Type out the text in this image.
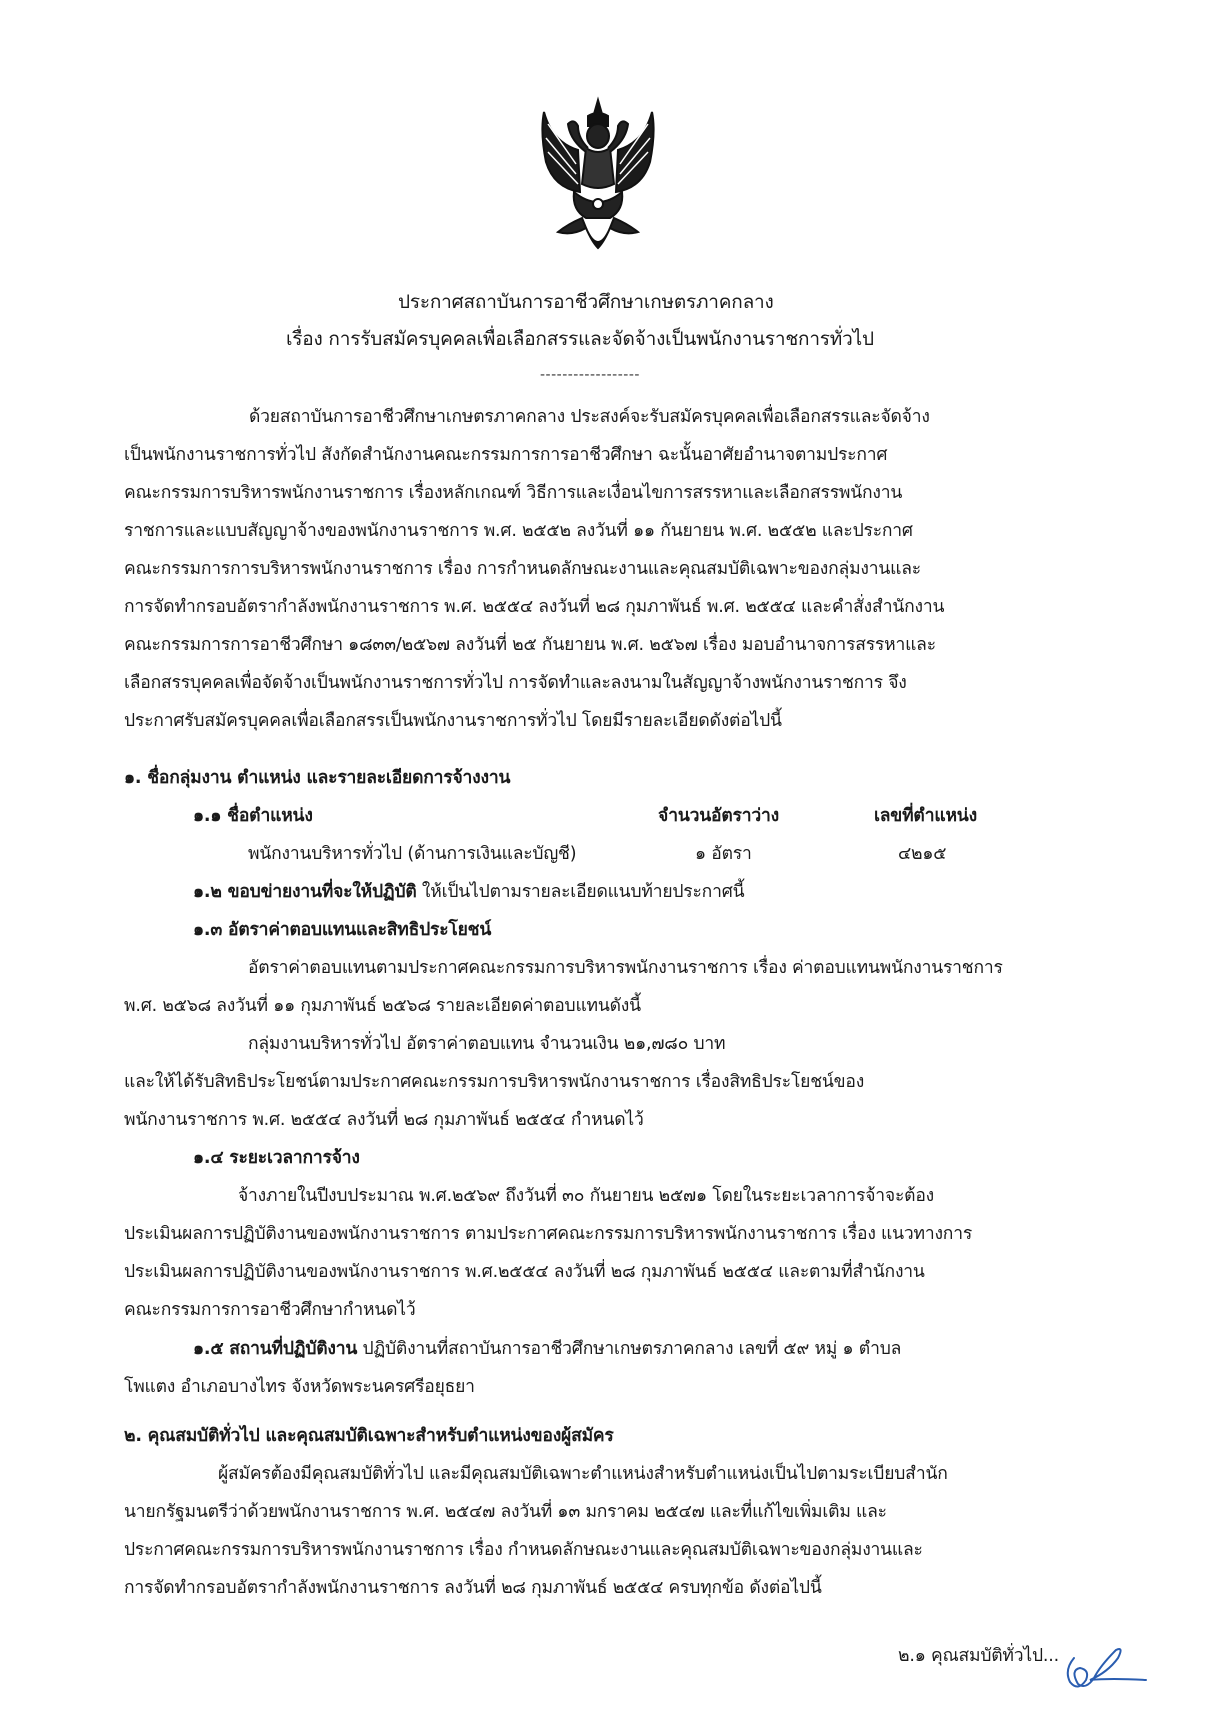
ประกาศสถาบันการอาชีวศึกษาเกษตรภาคกลาง
เรื่อง การรับสมัครบุคคลเพื่อเลือกสรรและจัดจ้างเป็นพนักงานราชการทั่วไป
------------------
ด้วยสถาบันการอาชีวศึกษาเกษตรภาคกลาง ประสงค์จะรับสมัครบุคคลเพื่อเลือกสรรและจัดจ้าง
เป็นพนักงานราชการทั่วไป สังกัดสำนักงานคณะกรรมการการอาชีวศึกษา ฉะนั้นอาศัยอำนาจตามประกาศ
คณะกรรมการบริหารพนักงานราชการ เรื่องหลักเกณฑ์ วิธีการและเงื่อนไขการสรรหาและเลือกสรรพนักงาน
ราชการและแบบสัญญาจ้างของพนักงานราชการ พ.ศ. ๒๕๕๒ ลงวันที่ ๑๑ กันยายน พ.ศ. ๒๕๕๒ และประกาศ
คณะกรรมการการบริหารพนักงานราชการ เรื่อง การกำหนดลักษณะงานและคุณสมบัติเฉพาะของกลุ่มงานและ
การจัดทำกรอบอัตรากำลังพนักงานราชการ พ.ศ. ๒๕๕๔ ลงวันที่ ๒๘ กุมภาพันธ์ พ.ศ. ๒๕๕๔ และคำสั่งสำนักงาน
คณะกรรมการการอาชีวศึกษา ๑๘๓๓/๒๕๖๗ ลงวันที่ ๒๕ กันยายน พ.ศ. ๒๕๖๗ เรื่อง มอบอำนาจการสรรหาและ
เลือกสรรบุคคลเพื่อจัดจ้างเป็นพนักงานราชการทั่วไป การจัดทำและลงนามในสัญญาจ้างพนักงานราชการ จึง
ประกาศรับสมัครบุคคลเพื่อเลือกสรรเป็นพนักงานราชการทั่วไป โดยมีรายละเอียดดังต่อไปนี้
๑. ชื่อกลุ่มงาน ตำแหน่ง และรายละเอียดการจ้างงาน
๑.๑ ชื่อตำแหน่ง	จำนวนอัตราว่าง	เลขที่ตำแหน่ง
พนักงานบริหารทั่วไป (ด้านการเงินและบัญชี)	๑ อัตรา	๔๒๑๕
๑.๒ ขอบข่ายงานที่จะให้ปฏิบัติ ให้เป็นไปตามรายละเอียดแนบท้ายประกาศนี้
๑.๓ อัตราค่าตอบแทนและสิทธิประโยชน์
อัตราค่าตอบแทนตามประกาศคณะกรรมการบริหารพนักงานราชการ เรื่อง ค่าตอบแทนพนักงานราชการ
พ.ศ. ๒๕๖๘ ลงวันที่ ๑๑ กุมภาพันธ์ ๒๕๖๘ รายละเอียดค่าตอบแทนดังนี้
กลุ่มงานบริหารทั่วไป อัตราค่าตอบแทน จำนวนเงิน ๒๑,๗๘๐ บาท
และให้ได้รับสิทธิประโยชน์ตามประกาศคณะกรรมการบริหารพนักงานราชการ เรื่องสิทธิประโยชน์ของ
พนักงานราชการ พ.ศ. ๒๕๕๔ ลงวันที่ ๒๘ กุมภาพันธ์ ๒๕๕๔ กำหนดไว้
๑.๔ ระยะเวลาการจ้าง
จ้างภายในปีงบประมาณ พ.ศ.๒๕๖๙ ถึงวันที่ ๓๐ กันยายน ๒๕๗๑ โดยในระยะเวลาการจ้าจะต้อง
ประเมินผลการปฏิบัติงานของพนักงานราชการ ตามประกาศคณะกรรมการบริหารพนักงานราชการ เรื่อง แนวทางการ
ประเมินผลการปฏิบัติงานของพนักงานราชการ พ.ศ.๒๕๕๔ ลงวันที่ ๒๘ กุมภาพันธ์ ๒๕๕๔ และตามที่สำนักงาน
คณะกรรมการการอาชีวศึกษากำหนดไว้
๑.๕ สถานที่ปฏิบัติงาน ปฏิบัติงานที่สถาบันการอาชีวศึกษาเกษตรภาคกลาง เลขที่ ๕๙ หมู่ ๑ ตำบล
โพแตง อำเภอบางไทร จังหวัดพระนครศรีอยุธยา
๒. คุณสมบัติทั่วไป และคุณสมบัติเฉพาะสำหรับตำแหน่งของผู้สมัคร
ผู้สมัครต้องมีคุณสมบัติทั่วไป และมีคุณสมบัติเฉพาะตำแหน่งสำหรับตำแหน่งเป็นไปตามระเบียบสำนัก
นายกรัฐมนตรีว่าด้วยพนักงานราชการ พ.ศ. ๒๕๔๗ ลงวันที่ ๑๓ มกราคม ๒๕๔๗ และที่แก้ไขเพิ่มเติม และ
ประกาศคณะกรรมการบริหารพนักงานราชการ เรื่อง กำหนดลักษณะงานและคุณสมบัติเฉพาะของกลุ่มงานและ
การจัดทำกรอบอัตรากำลังพนักงานราชการ ลงวันที่ ๒๘ กุมภาพันธ์ ๒๕๕๔ ครบทุกข้อ ดังต่อไปนี้
๒.๑ คุณสมบัติทั่วไป...
